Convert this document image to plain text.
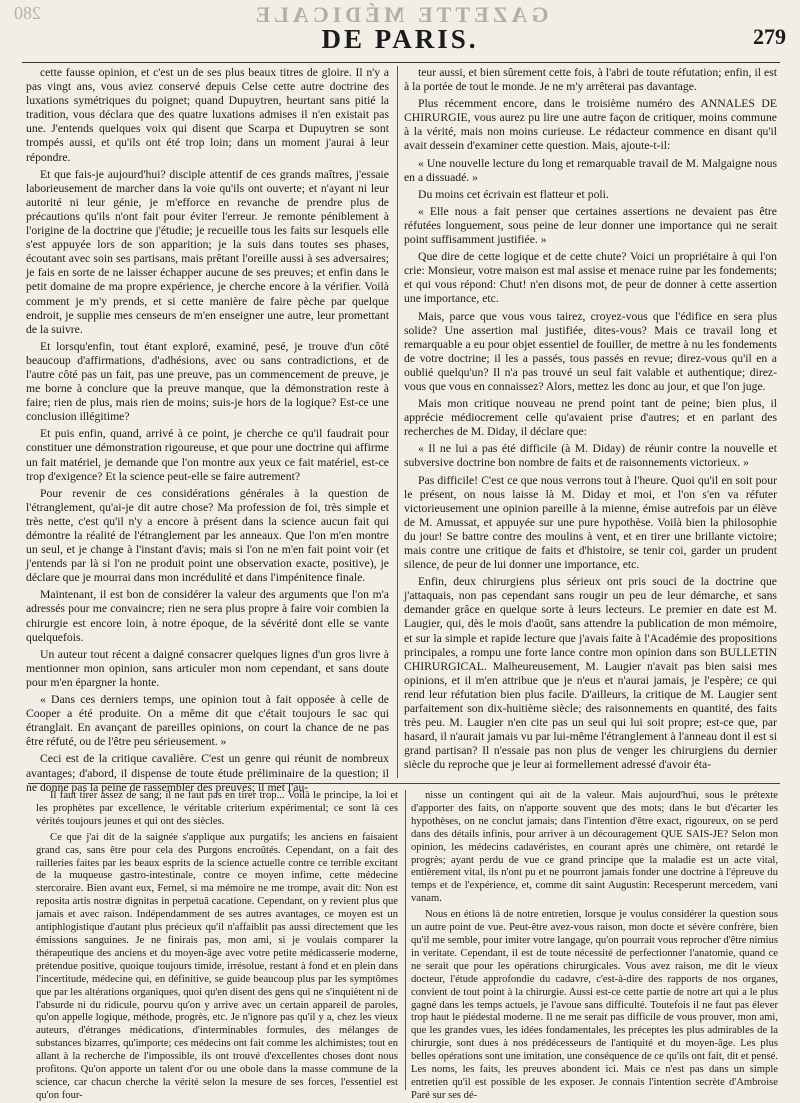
280	GAZETTE MÉDICALE
DE PARIS.	279

cette fausse opinion, et c'est un de ses plus beaux titres de gloire. Il n'y a pas vingt ans, vous aviez conservé depuis Celse cette autre doctrine des luxations symétriques du poignet; quand Dupuytren, heurtant sans pitié la tradition, vous déclara que des quatre luxations admises il n'en existait pas une. J'entends quelques voix qui disent que Scarpa et Dupuytren se sont trompés aussi, et qu'ils ont été trop loin; dans un moment j'aurai à leur répondre.

Et que fais-je aujourd'hui? disciple attentif de ces grands maîtres, j'essaie laborieusement de marcher dans la voie qu'ils ont ouverte; et n'ayant ni leur autorité ni leur génie, je m'efforce en revanche de prendre plus de précautions qu'ils n'ont fait pour éviter l'erreur. Je remonte péniblement à l'origine de la doctrine que j'étudie; je recueille tous les faits sur lesquels elle s'est appuyée lors de son apparition; je la suis dans toutes ses phases, écoutant avec soin ses partisans, mais prêtant l'oreille aussi à ses adversaires; je fais en sorte de ne laisser échapper aucune de ses preuves; et enfin dans le petit domaine de ma propre expérience, je cherche encore à la vérifier. Voilà comment je m'y prends, et si cette manière de faire pèche par quelque endroit, je supplie mes censeurs de m'en enseigner une autre, leur promettant de la suivre.

Et lorsqu'enfin, tout étant exploré, examiné, pesé, je trouve d'un côté beaucoup d'affirmations, d'adhésions, avec ou sans contradictions, et de l'autre côté pas un fait, pas une preuve, pas un commencement de preuve, je me borne à conclure que la preuve manque, que la démonstration reste à faire; rien de plus, mais rien de moins; suis-je hors de la logique? Est-ce une conclusion illégitime?

Et puis enfin, quand, arrivé à ce point, je cherche ce qu'il faudrait pour constituer une démonstration rigoureuse, et que pour une doctrine qui affirme un fait matériel, je demande que l'on montre aux yeux ce fait matériel, est-ce trop d'exigence? Et la science peut-elle se faire autrement?

Pour revenir de ces considérations générales à la question de l'étranglement, qu'ai-je dit autre chose? Ma profession de foi, très simple et très nette, c'est qu'il n'y a encore à présent dans la science aucun fait qui démontre la réalité de l'étranglement par les anneaux. Que l'on m'en montre un seul, et je change à l'instant d'avis; mais si l'on ne m'en fait point voir (et j'entends par là si l'on ne produit point une observation exacte, positive), je déclare que je mourrai dans mon incrédulité et dans l'impénitence finale.

Maintenant, il est bon de considérer la valeur des arguments que l'on m'a adressés pour me convaincre; rien ne sera plus propre à faire voir combien la chirurgie est encore loin, à notre époque, de la sévérité dont elle se vante quelquefois.

Un auteur tout récent a daigné consacrer quelques lignes d'un gros livre à mentionner mon opinion, sans articuler mon nom cependant, et sans doute pour m'en épargner la honte.

« Dans ces derniers temps, une opinion tout à fait opposée à celle de Cooper a été produite. On a même dit que c'était toujours le sac qui étranglait. En avançant de pareilles opinions, on court la chance de ne pas être réfuté, ou de l'être peu sérieusement. »

Ceci est de la critique cavalière. C'est un genre qui réunit de nombreux avantages; d'abord, il dispense de toute étude préliminaire de la question; il ne donne pas la peine de rassembler des preuves; il met l'au-

teur aussi, et bien sûrement cette fois, à l'abri de toute réfutation; enfin, il est à la portée de tout le monde. Je ne m'y arrêterai pas davantage.

Plus récemment encore, dans le troisième numéro des ANNALES DE CHIRURGIE, vous aurez pu lire une autre façon de critiquer, moins commune à la vérité, mais non moins curieuse. Le rédacteur commence en disant qu'il avait dessein d'examiner cette question. Mais, ajoute-t-il:

« Une nouvelle lecture du long et remarquable travail de M. Malgaigne nous en a dissuadé. »

Du moins cet écrivain est flatteur et poli.

« Elle nous a fait penser que certaines assertions ne devaient pas être réfutées longuement, sous peine de leur donner une importance qui ne serait point suffisamment justifiée. »

Que dire de cette logique et de cette chute? Voici un propriétaire à qui l'on crie: Monsieur, votre maison est mal assise et menace ruine par les fondements; et qui vous répond: Chut! n'en disons mot, de peur de donner à cette assertion une importance, etc.

Mais, parce que vous vous tairez, croyez-vous que l'édifice en sera plus solide? Une assertion mal justifiée, dites-vous? Mais ce travail long et remarquable a eu pour objet essentiel de fouiller, de mettre à nu les fondements de votre doctrine; il les a passés, tous passés en revue; direz-vous qu'il en a oublié quelqu'un? Il n'a pas trouvé un seul fait valable et authentique; direz-vous que vous en connaissez? Alors, mettez les donc au jour, et que l'on juge.

Mais mon critique nouveau ne prend point tant de peine; bien plus, il apprécie médiocrement celle qu'avaient prise d'autres; et en parlant des recherches de M. Diday, il déclare que:

« Il ne lui a pas été difficile (à M. Diday) de réunir contre la nouvelle et subversive doctrine bon nombre de faits et de raisonnements victorieux. »

Pas difficile! C'est ce que nous verrons tout à l'heure. Quoi qu'il en soit pour le présent, on nous laisse là M. Diday et moi, et l'on s'en va réfuter victorieusement une opinion pareille à la mienne, émise autrefois par un élève de M. Amussat, et appuyée sur une pure hypothèse. Voilà bien la philosophie du jour! Se battre contre des moulins à vent, et en tirer une brillante victoire; mais contre une critique de faits et d'histoire, se tenir coi, garder un prudent silence, de peur de lui donner une importance, etc.

Enfin, deux chirurgiens plus sérieux ont pris souci de la doctrine que j'attaquais, non pas cependant sans rougir un peu de leur démarche, et sans demander grâce en quelque sorte à leurs lecteurs. Le premier en date est M. Laugier, qui, dès le mois d'août, sans attendre la publication de mon mémoire, et sur la simple et rapide lecture que j'avais faite à l'Académie des propositions principales, a rompu une forte lance contre mon opinion dans son BULLETIN CHIRURGICAL. Malheureusement, M. Laugier n'avait pas bien saisi mes opinions, et il m'en attribue que je n'eus et n'aurai jamais, je l'espère; ce qui rend leur réfutation bien plus facile. D'ailleurs, la critique de M. Laugier sent parfaitement son dix-huitième siècle; des raisonnements en quantité, des faits très peu. M. Laugier n'en cite pas un seul qui lui soit propre; est-ce que, par hasard, il n'aurait jamais vu par lui-même l'étranglement à l'anneau dont il est si grand partisan? Il n'essaie pas non plus de venger les chirurgiens du dernier siècle du reproche que je leur ai formellement adressé d'avoir éta-

Il faut tirer assez de sang; il ne faut pas en tirer trop... Voilà le principe, la loi et les prophètes par excellence, le véritable criterium expérimental; ce sont là ces vérités toujours jeunes et qui ont des siècles.

Ce que j'ai dit de la saignée s'applique aux purgatifs; les anciens en faisaient grand cas, sans être pour cela des Purgons encroûtés. Cependant, on a fait des railleries faites par les beaux esprits de la science actuelle contre ce terrible excitant de la muqueuse gastro-intestinale, contre ce moyen infime, cette médecine stercoraire. Bien avant eux, Fernel, si ma mémoire ne me trompe, avait dit: Non est reposita artis nostræ dignitas in perpetuâ cacatione. Cependant, on y revient plus que jamais et avec raison. Indépendamment de ses autres avantages, ce moyen est un antiphlogistique d'autant plus précieux qu'il n'affaiblit pas aussi directement que les émissions sanguines. Je ne finirais pas, mon ami, si je voulais comparer la thérapeutique des anciens et du moyen-âge avec votre petite médicasserie moderne, prétendue positive, quoique toujours timide, irrésolue, restant à fond et en plein dans l'incertitude, médecine qui, en définitive, se guide beaucoup plus par les symptômes que par les altérations organiques, quoi qu'en disent des gens qui ne s'inquiètent ni de l'absurde ni du ridicule, pourvu qu'on y arrive avec un certain appareil de paroles, qu'on appelle logique, méthode, progrès, etc. Je n'ignore pas qu'il y a, chez les vieux auteurs, d'étranges médications, d'interminables formules, des mélanges de substances bizarres, qu'importe; ces médecins ont fait comme les alchimistes; tout en allant à la recherche de l'impossible, ils ont trouvé d'excellentes choses dont nous profitons. Qu'on apporte un talent d'or ou une obole dans la masse commune de la science, car chacun cherche la vérité selon la mesure de ses forces, l'essentiel est qu'on four-

nisse un contingent qui ait de la valeur. Mais aujourd'hui, sous le prétexte d'apporter des faits, on n'apporte souvent que des mots; dans le but d'écarter les hypothèses, on ne conclut jamais; dans l'intention d'être exact, rigoureux, on se perd dans des détails infinis, pour arriver à un découragement QUE SAIS-JE? Selon mon opinion, les médecins cadavéristes, en courant après une chimère, ont retardé le progrès; ayant perdu de vue ce grand principe que la maladie est un acte vital, entièrement vital, ils n'ont pu et ne pourront jamais fonder une doctrine à l'épreuve du temps et de l'expérience, et, comme dit saint Augustin: Recesperunt mercedem, vani vanam.

Nous en étions là de notre entretien, lorsque je voulus considérer la question sous un autre point de vue. Peut-être avez-vous raison, mon docte et sévère confrère, bien qu'il me semble, pour imiter votre langage, qu'on pourrait vous reprocher d'être nimius in veritate. Cependant, il est de toute nécessité de perfectionner l'anatomie, quand ce ne serait que pour les opérations chirurgicales. Vous avez raison, me dit le vieux docteur, l'étude approfondie du cadavre, c'est-à-dire des rapports de nos organes, convient de tout point à la chirurgie. Aussi est-ce cette partie de notre art qui a le plus gagné dans les temps actuels, je l'avoue sans difficulté. Toutefois il ne faut pas élever trop haut le piédestal moderne. Il ne me serait pas difficile de vous prouver, mon ami, que les grandes vues, les idées fondamentales, les préceptes les plus admirables de la chirurgie, sont dues à nos prédécesseurs de l'antiquité et du moyen-âge. Les plus belles opérations sont une imitation, une conséquence de ce qu'ils ont fait, dit et pensé. Les noms, les faits, les preuves abondent ici. Mais ce n'est pas dans un simple entretien qu'il est possible de les exposer. Je connais l'intention secrète d'Ambroise Paré sur ses dé-
